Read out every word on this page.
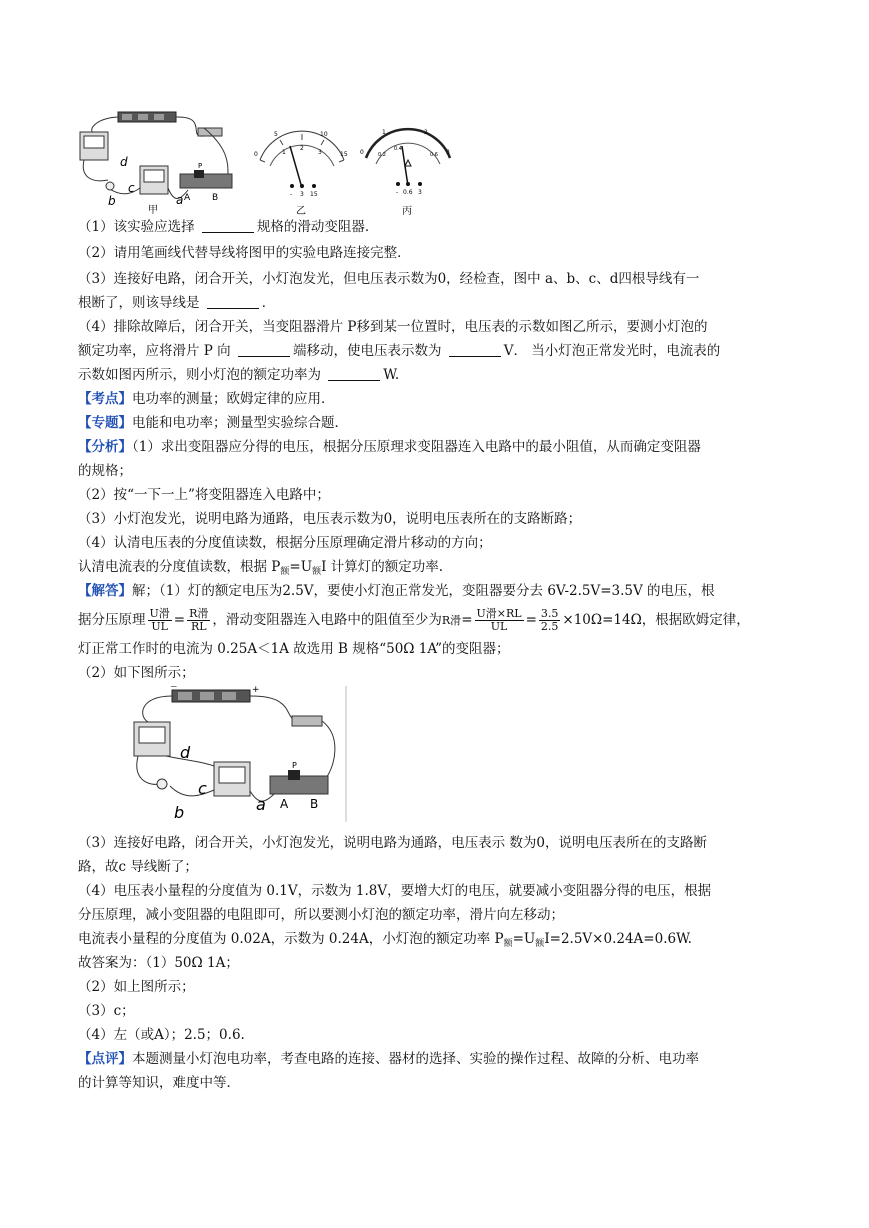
d
c
b	a A B
P
甲
0
5	10
15
1
2
3
- 3 15
乙
0
1	2
3
0.2
0.4
0.6
- 0.6 3
丙
（1）该实验应选择	规格的滑动变阻器．
（2）请用笔画线代替导线将图甲的实验电路连接完整．
（3）连接好电路，闭合开关，小灯泡发光，但电压表示数为0，经检查，图中 a、b、c、d四根导线有一
根断了，则该导线是	．
（4）排除故障后，闭合开关，当变阻器滑片 P移到某一位置时，电压表的示数如图乙所示，要测小灯泡的
额定功率，应将滑片 P 向	端移动，使电压表示数为	V． 当小灯泡正常发光时，电流表的
示数如图丙所示，则小灯泡的额定功率为	W.
【考点】电功率的测量；欧姆定律的应用．
【专题】电能和电功率；测量型实验综合题．
【分析】（1）求出变阻器应分得的电压，根据分压原理求变阻器连入电路中的最小阻值，从而确定变阻器
的规格；
（2）按“一下一上”将变阻器连入电路中；
（3）小灯泡发光，说明电路为通路，电压表示数为0，说明电压表所在的支路断路；
（4）认清电压表的分度值读数，根据分压原理确定滑片移动的方向；
认清电流表的分度值读数，根据 $P_额=U_额I$ 计算灯的额定功率.
【解答】解；（1）灯的额定电压为2.5V，要使小灯泡正常发光，变阻器要分去 6V-2.5V=3.5V 的电压，根
据分压原理 $\frac{\text{U滑}}{UL} = \frac{\text{R滑}}{RL}$ ，滑动变阻器连入电路中的阻值至少为R滑= $\frac{\text{U滑×RL}}{UL} = \frac{3.5}{2.5} \times 10\Omega=14\Omega$，根据欧姆定律，
灯正常工作时的电流为 0.25A＜1A 故选用 B 规格“50Ω 1A”的变阻器；
（2）如下图所示；
−	+
d
c
b	a A B
P
（3）连接好电路，闭合开关，小灯泡发光，说明电路为通路，电压表示 数为0，说明电压表所在的支路断
路，故c 导线断了；
（4）电压表小量程的分度值为 0.1V，示数为 1.8V，要增大灯的电压，就要减小变阻器分得的电压，根据
分压原理，减小变阻器的电阻即可，所以要测小灯泡的额定功率，滑片向左移动；
电流表小量程的分度值为 0.02A，示数为 0.24A，小灯泡的额定功率 $P_额=U_额I=2.5V\times 0.24A=0.6W$.
故答案为：（1）50Ω 1A；
（2）如上图所示；
（3）c；
（4）左（或A）；2.5；0.6.
【点评】本题测量小灯泡电功率，考查电路的连接、器材的选择、实验的操作过程、故障的分析、电功率
的计算等知识，难度中等．
